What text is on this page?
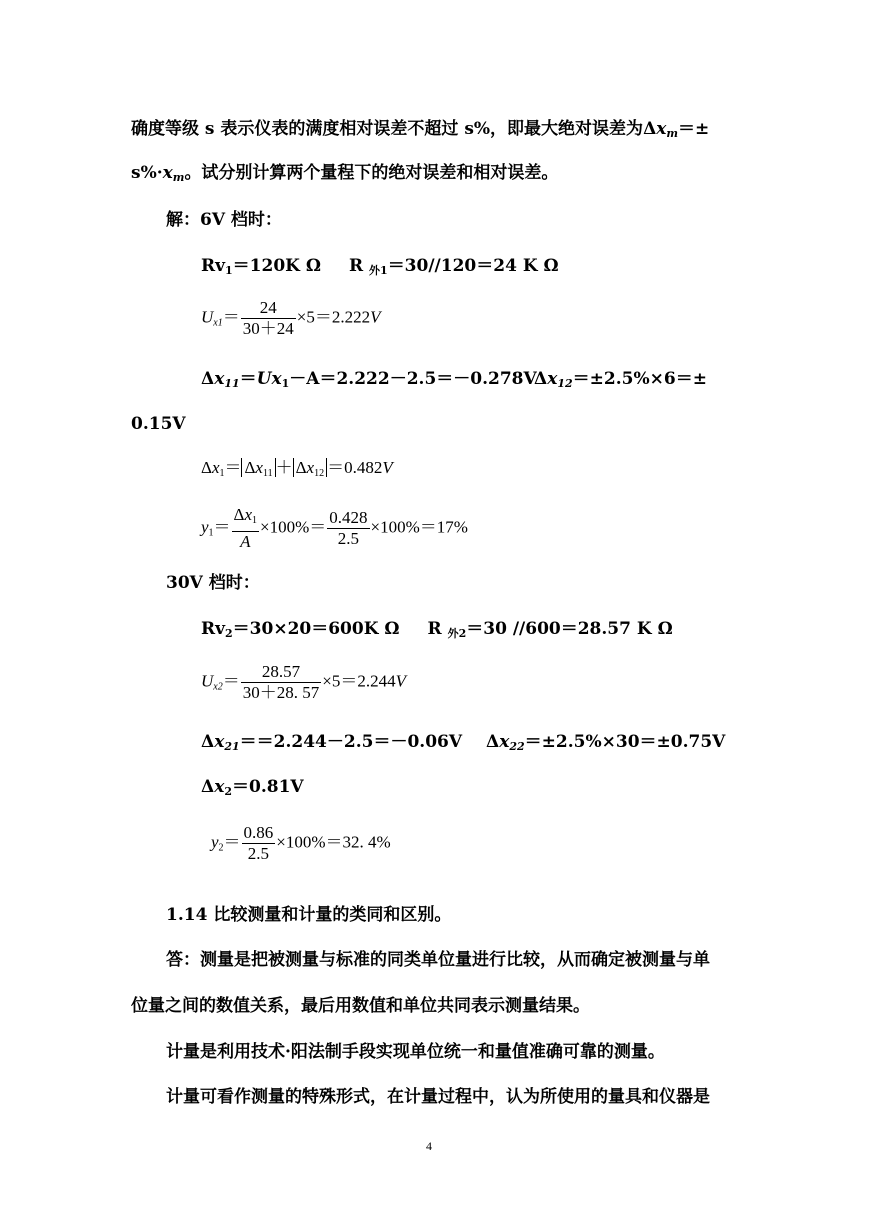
确度等级 s 表示仪表的满度相对误差不超过 s%，即最大绝对误差为$\Delta x_m=\pm$
$s\%\cdot x_m$。试分别计算两个量程下的绝对误差和相对误差。
解：6V 档时：
$Rv_1=120K$ Ω R $_{外1}$＝30//120＝24 K Ω
$U_{x1}= \frac{24}{30+24} \times 5=2.222V$
$\Delta x_{11}=Ux_1-A=2.222-2.5=-0.278V$
$\Delta x_{12}=\pm 2.5\%\times 6=\pm$
0.15V
$\Delta x_1= \Delta x_{11} + \Delta x_{12} =0.482V$
$y_1= \frac{\Delta x_1}{A} \times 100\%= \frac{0.428}{2.5} \times 100\%=17\%$
30V 档时：
$Rv_2=30\times 20=600K$ Ω R $_{外2}$＝30 //600＝28.57 K Ω
$U_{x2}= \frac{28.57}{30+28. 57} \times 5=2.244V$
$\Delta x_{21}==2.244-2.5=-0.06V$ $\Delta x_{22}=\pm 2.5\%\times 30=\pm 0.75V$
$\Delta x_2=0.81V$
$y_2= \frac{0.86}{2.5} \times 100\%=32$. 4%
1.14 比较测量和计量的类同和区别。
答：测量是把被测量与标准的同类单位量进行比较，从而确定被测量与单
位量之间的数值关系，最后用数值和单位共同表示测量结果。
计量是利用技术·阳法制手段实现单位统一和量值准确可靠的测量。
计量可看作测量的特殊形式，在计量过程中，认为所使用的量具和仪器是
4
